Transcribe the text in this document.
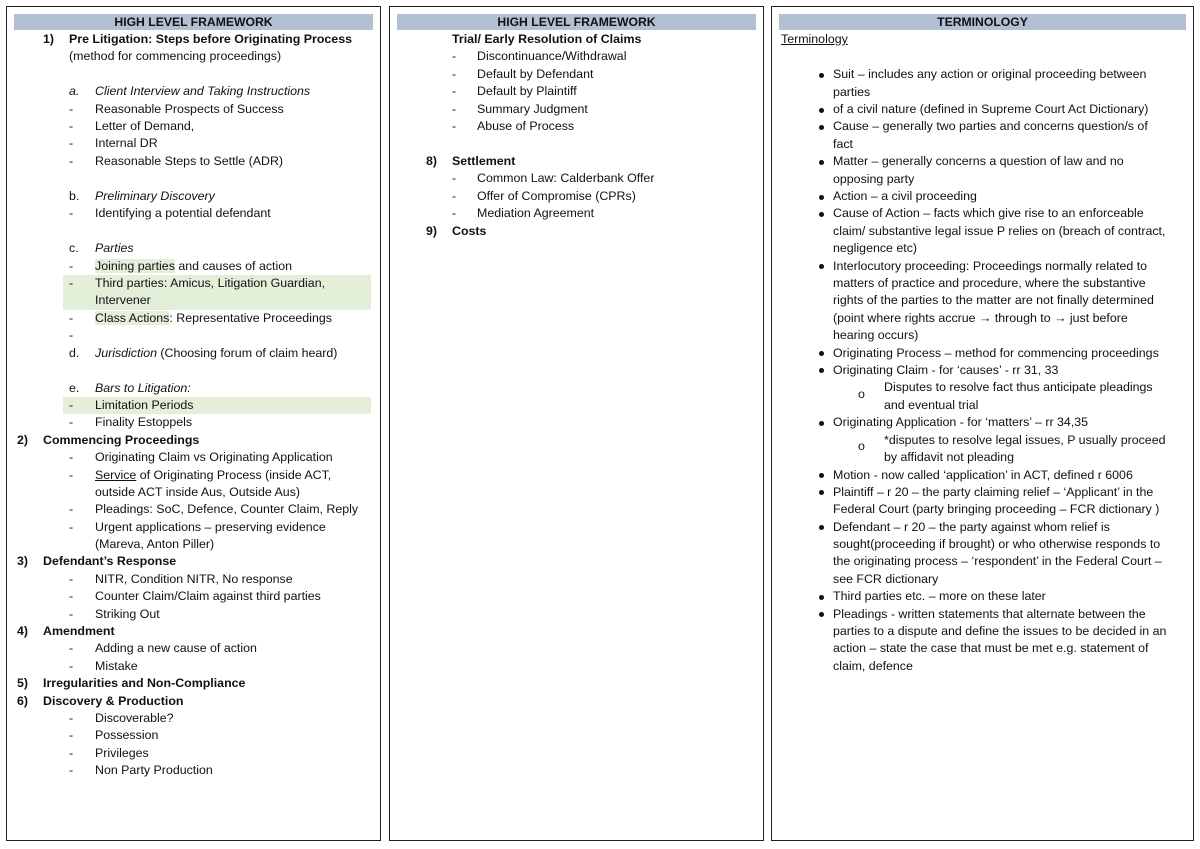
HIGH LEVEL FRAMEWORK
1) Pre Litigation: Steps before Originating Process
(method for commencing proceedings)
a. Client Interview and Taking Instructions
- Reasonable Prospects of Success
- Letter of Demand,
- Internal DR
- Reasonable Steps to Settle (ADR)
b. Preliminary Discovery
- Identifying a potential defendant
c. Parties
- Joining parties and causes of action
- Third parties: Amicus, Litigation Guardian,
Intervener
- Class Actions: Representative Proceedings
-
d. Jurisdiction (Choosing forum of claim heard)
e. Bars to Litigation:
- Limitation Periods
- Finality Estoppels
2) Commencing Proceedings
- Originating Claim vs Originating Application
- Service of Originating Process (inside ACT,
outside ACT inside Aus, Outside Aus)
- Pleadings: SoC, Defence, Counter Claim, Reply
- Urgent applications – preserving evidence
(Mareva, Anton Piller)
3) Defendant’s Response
- NITR, Condition NITR, No response
- Counter Claim/Claim against third parties
- Striking Out
4) Amendment
- Adding a new cause of action
- Mistake
5) Irregularities and Non-Compliance
6) Discovery & Production
- Discoverable?
- Possession
- Privileges
- Non Party Production
HIGH LEVEL FRAMEWORK
Trial/ Early Resolution of Claims
- Discontinuance/Withdrawal
- Default by Defendant
- Default by Plaintiff
- Summary Judgment
- Abuse of Process
8) Settlement
- Common Law: Calderbank Offer
- Offer of Compromise (CPRs)
- Mediation Agreement
9) Costs
TERMINOLOGY
Terminology
o
o
Suit – includes any action or original proceeding between
parties
of a civil nature (defined in Supreme Court Act Dictionary)
Cause – generally two parties and concerns question/s of
fact
Matter – generally concerns a question of law and no
opposing party
Action – a civil proceeding
Cause of Action – facts which give rise to an enforceable
claim/ substantive legal issue P relies on (breach of contract,
negligence etc)
Interlocutory proceeding: Proceedings normally related to
matters of practice and procedure, where the substantive
rights of the parties to the matter are not finally determined
(point where rights accrue → through to → just before
hearing occurs)
Originating Process – method for commencing proceedings
Originating Claim - for ‘causes’ - rr 31, 33
Disputes to resolve fact thus anticipate pleadings
and eventual trial
Originating Application - for ‘matters’ – rr 34,35
*disputes to resolve legal issues, P usually proceed
by affidavit not pleading
Motion - now called ‘application’ in ACT, defined r 6006
Plaintiff – r 20 – the party claiming relief – ‘Applicant’ in the
Federal Court (party bringing proceeding – FCR dictionary )
Defendant – r 20 – the party against whom relief is
sought(proceeding if brought) or who otherwise responds to
the originating process – ‘respondent’ in the Federal Court –
see FCR dictionary
Third parties etc. – more on these later
Pleadings - written statements that alternate between the
parties to a dispute and define the issues to be decided in an
action – state the case that must be met e.g. statement of
claim, defence
